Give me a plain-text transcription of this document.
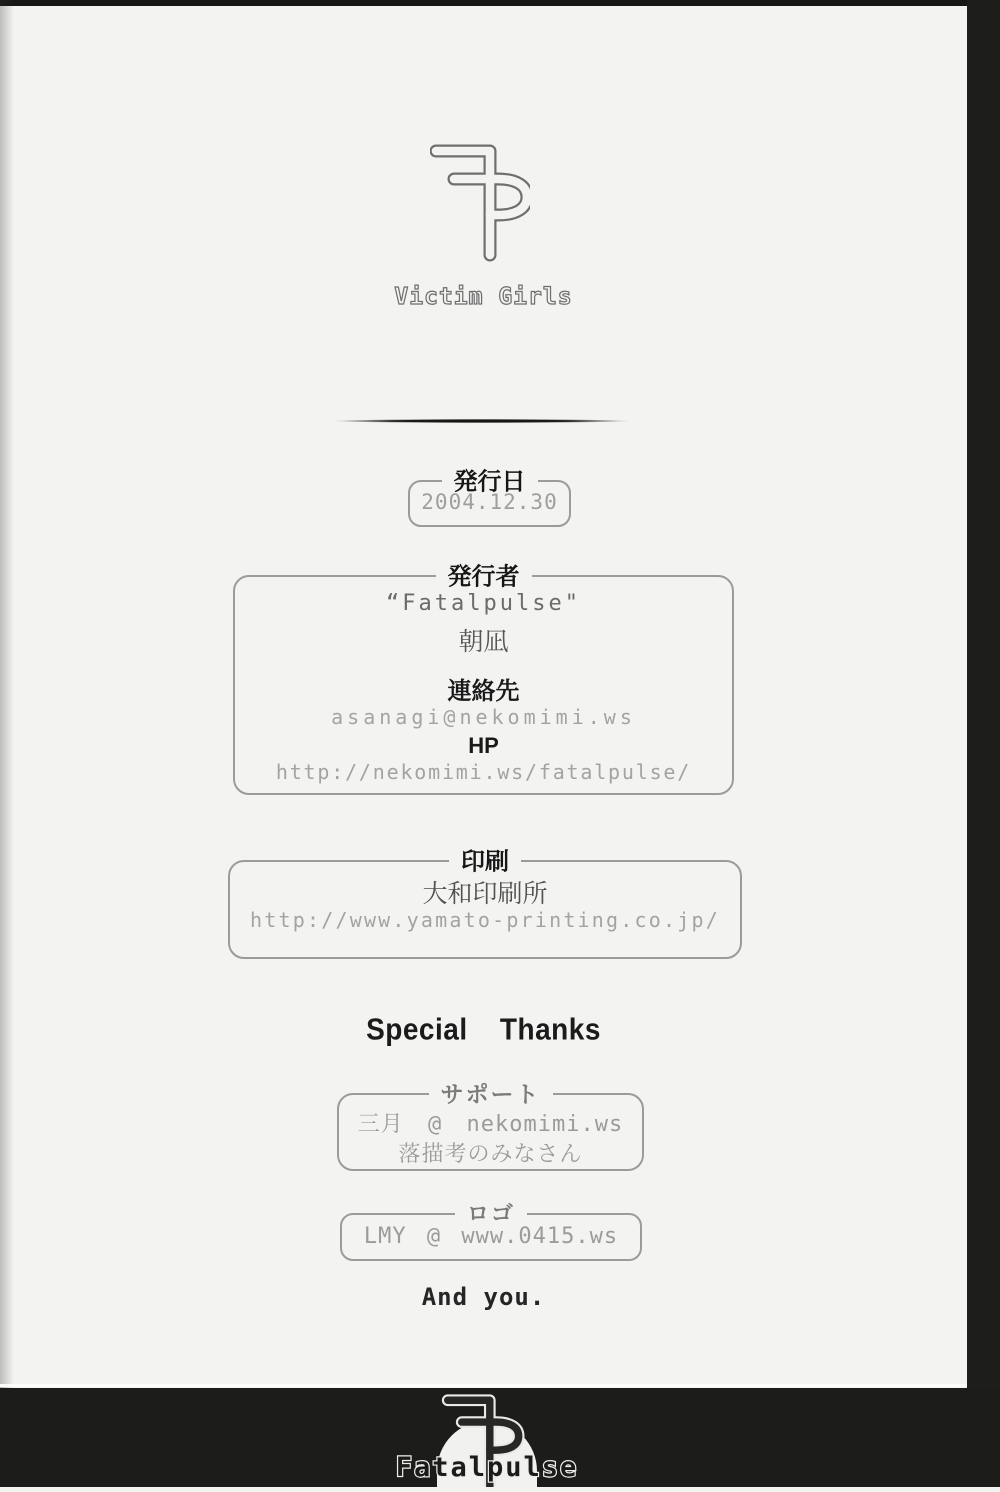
Victim Girls
発行日
2004.12.30
発行者
“Fatalpulse"
朝凪
連絡先
asanagi@nekomimi.ws
HP
http://nekomimi.ws/fatalpulse/
印刷
大和印刷所
http://www.yamato-printing.co.jp/
Special Thanks
サポート
三月 @ nekomimi.ws
落描考のみなさん
ロゴ
LMY @ www.0415.ws
And you.
Fatalpulse
